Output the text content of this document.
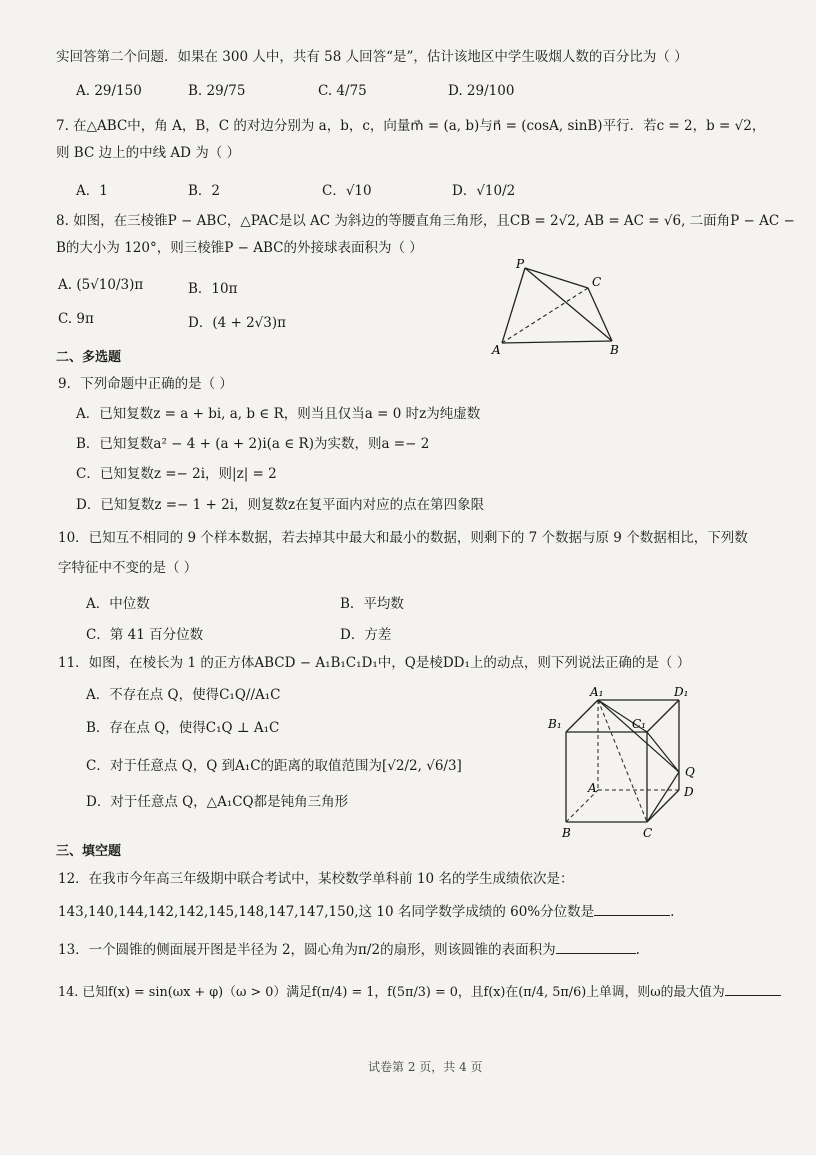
实回答第二个问题．如果在 300 人中，共有 58 人回答“是”，估计该地区中学生吸烟人数的百分比为（ ）
A. 29/150	B. 29/75	C. 4/75	D. 29/100
7. 在△ABC中，角 A，B，C 的对边分别为 a，b，c，向量m⃗ = (a, b)与n⃗ = (cosA, sinB)平行．若c = 2，b = √2，
则 BC 边上的中线 AD 为（ ）
A．1	B．2	C．√10	D．√10/2
8. 如图，在三棱锥P − ABC，△PAC是以 AC 为斜边的等腰直角三角形，且CB = 2√2, AB = AC = √6, 二面角P − AC −
B的大小为 120°，则三棱锥P − ABC的外接球表面积为（ ）
A. (5√10/3)π	B．10π
C. 9π	D．(4 + 2√3)π
P
C
A	B
二、多选题
9．下列命题中正确的是（ ）
A．已知复数z = a + bi, a, b ∈ R，则当且仅当a = 0 时z为纯虚数
B．已知复数a² − 4 + (a + 2)i(a ∈ R)为实数，则a =− 2
C．已知复数z =− 2i，则|z| = 2
D．已知复数z =− 1 + 2i，则复数z在复平面内对应的点在第四象限
10．已知互不相同的 9 个样本数据，若去掉其中最大和最小的数据，则剩下的 7 个数据与原 9 个数据相比，下列数
字特征中不变的是（ ）
A．中位数	B．平均数
C．第 41 百分位数	D．方差
11．如图，在棱长为 1 的正方体ABCD − A₁B₁C₁D₁中，Q是棱DD₁上的动点，则下列说法正确的是（ ）
A．不存在点 Q，使得C₁Q//A₁C
B．存在点 Q，使得C₁Q ⊥ A₁C
C．对于任意点 Q，Q 到A₁C的距离的取值范围为[√2/2, √6/3]
D．对于任意点 Q，△A₁CQ都是钝角三角形
A₁	D₁
B₁	C₁
Q
A	D
B	C
三、填空题
12．在我市今年高三年级期中联合考试中，某校数学单科前 10 名的学生成绩依次是：
143,140,144,142,142,145,148,147,147,150,这 10 名同学数学成绩的 60%分位数是	.
13．一个圆锥的侧面展开图是半径为 2，圆心角为π/2的扇形，则该圆锥的表面积为	.
14. 已知f(x) = sin(ωx + φ)（ω > 0）满足f(π/4) = 1，f(5π/3) = 0，且f(x)在(π/4, 5π/6)上单调，则ω的最大值为
试卷第 2 页，共 4 页
